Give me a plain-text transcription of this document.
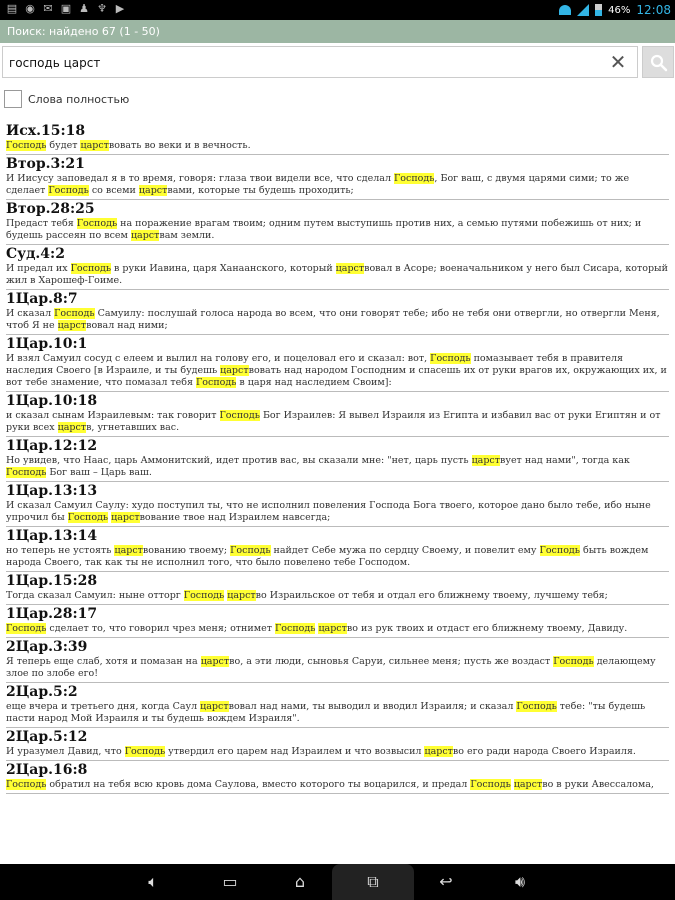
▤ ◉ ✉ ▣ ♟ ♆ ▶	46% 12:08
Поиск: найдено 67 (1 - 50)
господь царст
✕
Слова полностью
Исх.15:18
Господь будет царствовать во веки и в вечность.
Втор.3:21
И Иисусу заповедал я в то время, говоря: глаза твои видели все, что сделал Господь, Бог ваш, с двумя царями сими; то же сделает Господь со всеми царствами, которые ты будешь проходить;
Втор.28:25
Предаст тебя Господь на поражение врагам твоим; одним путем выступишь против них, а семью путями побежишь от них; и будешь рассеян по всем царствам земли.
Суд.4:2
И предал их Господь в руки Иавина, царя Ханаанского, который царствовал в Асоре; военачальником у него был Сисара, который жил в Харошеф-Гоиме.
1Цар.8:7
И сказал Господь Самуилу: послушай голоса народа во всем, что они говорят тебе; ибо не тебя они отвергли, но отвергли Меня, чтоб Я не царствовал над ними;
1Цар.10:1
И взял Самуил сосуд с елеем и вылил на голову его, и поцеловал его и сказал: вот, Господь помазывает тебя в правителя наследия Своего [в Израиле, и ты будешь царствовать над народом Господним и спасешь их от руки врагов их, окружающих их, и вот тебе знамение, что помазал тебя Господь в царя над наследием Своим]:
1Цар.10:18
и сказал сынам Израилевым: так говорит Господь Бог Израилев: Я вывел Израиля из Египта и избавил вас от руки Египтян и от руки всех царств, угнетавших вас.
1Цар.12:12
Но увидев, что Наас, царь Аммонитский, идет против вас, вы сказали мне: "нет, царь пусть царствует над нами", тогда как Господь Бог ваш – Царь ваш.
1Цар.13:13
И сказал Самуил Саулу: худо поступил ты, что не исполнил повеления Господа Бога твоего, которое дано было тебе, ибо ныне упрочил бы Господь царствование твое над Израилем навсегда;
1Цар.13:14
но теперь не устоять царствованию твоему; Господь найдет Себе мужа по сердцу Своему, и повелит ему Господь быть вождем народа Своего, так как ты не исполнил того, что было повелено тебе Господом.
1Цар.15:28
Тогда сказал Самуил: ныне отторг Господь царство Израильское от тебя и отдал его ближнему твоему, лучшему тебя;
1Цар.28:17
Господь сделает то, что говорил чрез меня; отнимет Господь царство из рук твоих и отдаст его ближнему твоему, Давиду.
2Цар.3:39
Я теперь еще слаб, хотя и помазан на царство, а эти люди, сыновья Саруи, сильнее меня; пусть же воздаст Господь делающему злое по злобе его!
2Цар.5:2
еще вчера и третьего дня, когда Саул царствовал над нами, ты выводил и вводил Израиля; и сказал Господь тебе: "ты будешь пасти народ Мой Израиля и ты будешь вождем Израиля".
2Цар.5:12
И уразумел Давид, что Господь утвердил его царем над Израилем и что возвысил царство его ради народа Своего Израиля.
2Цар.16:8
Господь обратил на тебя всю кровь дома Саулова, вместо которого ты воцарился, и предал Господь царство в руки Авессалома,
🔈︎	▭	⌂	⧉	↩	🔊︎
